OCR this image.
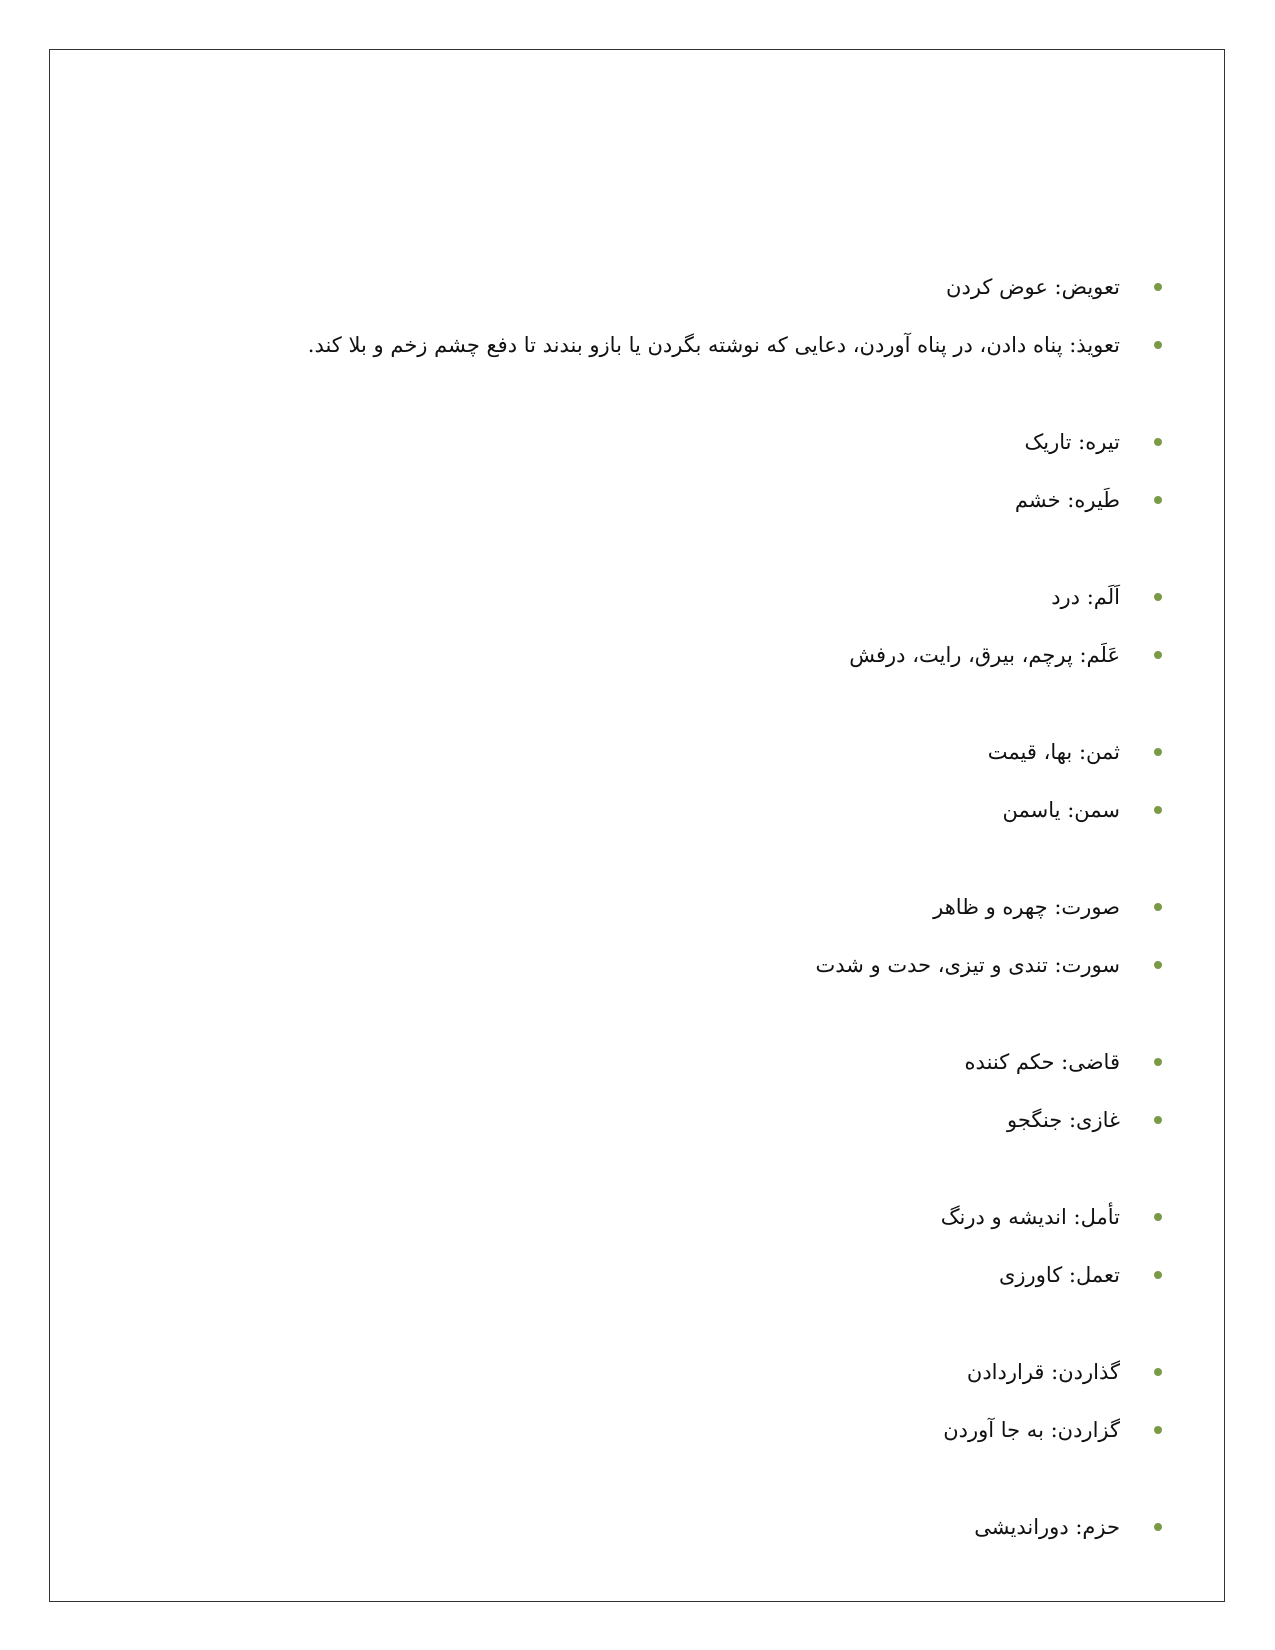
تعویض: عوض کردن
تعویذ: پناه دادن، در پناه آوردن، دعایی که نوشته بگردن یا بازو بندند تا دفع چشم زخم و بلا کند.
تیره: تاریک
طَیره: خشم
اَلَم: درد
عَلَم: پرچم، بیرق، رایت، درفش
ثمن: بها، قیمت
سمن: یاسمن
صورت: چهره و ظاهر
سورت: تندی و تیزی، حدت و شدت
قاضی: حکم کننده
غازی: جنگجو
تأمل: اندیشه و درنگ
تعمل: کاورزی
گذاردن: قراردادن
گزاردن: به جا آوردن
حزم: دوراندیشی
